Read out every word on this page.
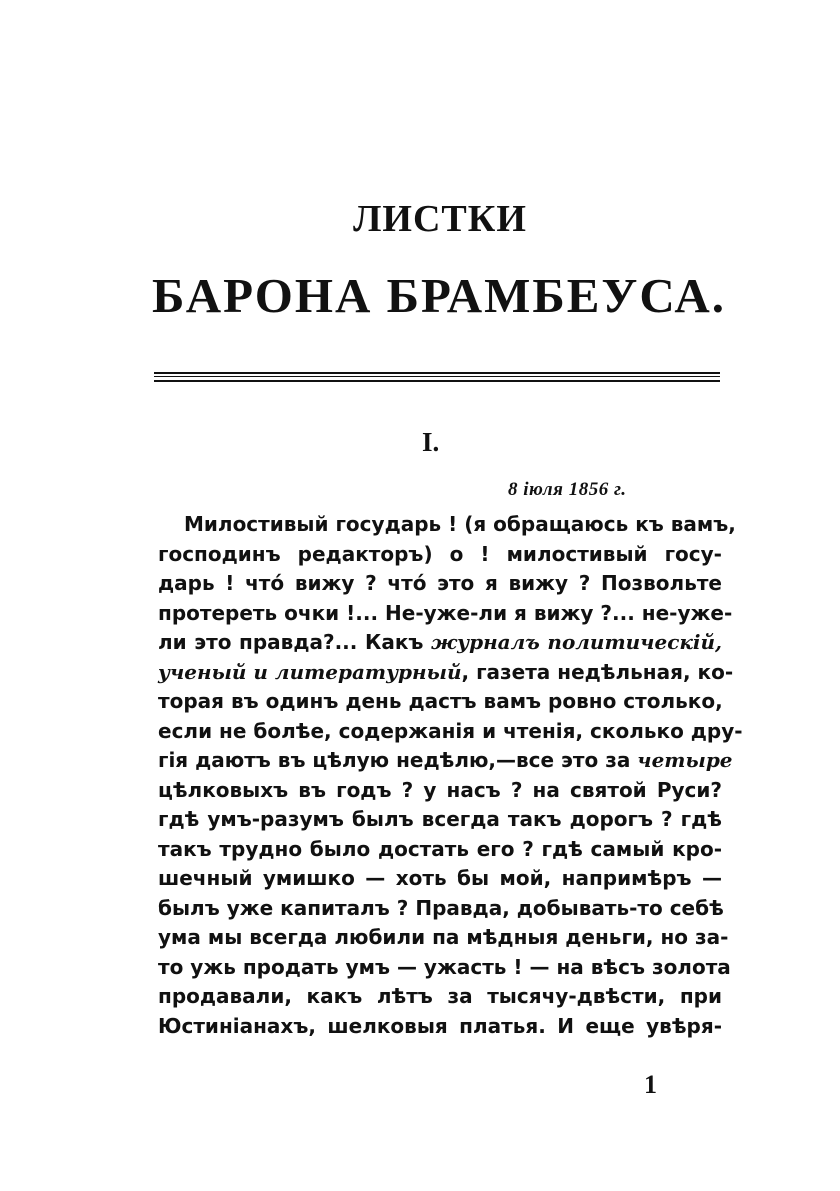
ЛИСТКИ
БАРОНА БРАМБЕУСА.
I.
8 іюля 1856 г.
Милостивый государь ! (я обращаюсь къ вамъ,
господинъ редакторъ) о ! милостивый госу-
дарь ! что́ вижу ? что́ это я вижу ? Позвольте
протереть очки !... Не-уже-ли я вижу ?... не-уже-
ли это правда?... Какъ журналъ политическій,
ученый и литературный, газета недѣльная, ко-
торая въ одинъ день дастъ вамъ ровно столько,
если не болѣе, содержанія и чтенія, сколько дру-
гія даютъ въ цѣлую недѣлю,—все это за четыре
цѣлковыхъ въ годъ ? у насъ ? на святой Руси?
гдѣ умъ-разумъ былъ всегда такъ дорогъ ? гдѣ
такъ трудно было достать его ? гдѣ самый кро-
шечный умишко — хоть бы мой, напримѣръ —
былъ уже капиталъ ? Правда, добывать-то себѣ
ума мы всегда любили па мѣдныя деньги, но за-
то ужь продать умъ — ужасть ! — на вѣсъ золота
продавали, какъ лѣтъ за тысячу-двѣсти, при
Юстиніанахъ, шелковыя платья. И еще увѣря-
1
